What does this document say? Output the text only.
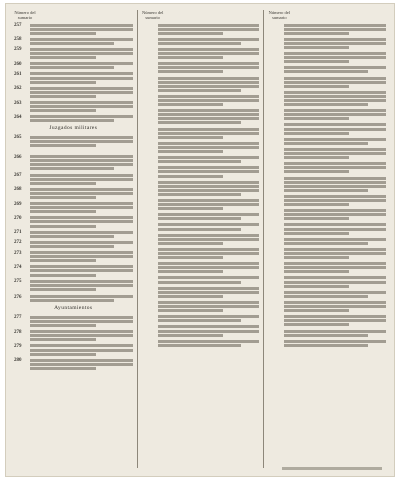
Número del sumario
257
258
259
260
261
262
263
264
Juzgados militares
265
266
267
268
269
270
271
272
273
274
275
276
Ayuntamientos
277
278
279
280
Número del sumario
Número del sumario
